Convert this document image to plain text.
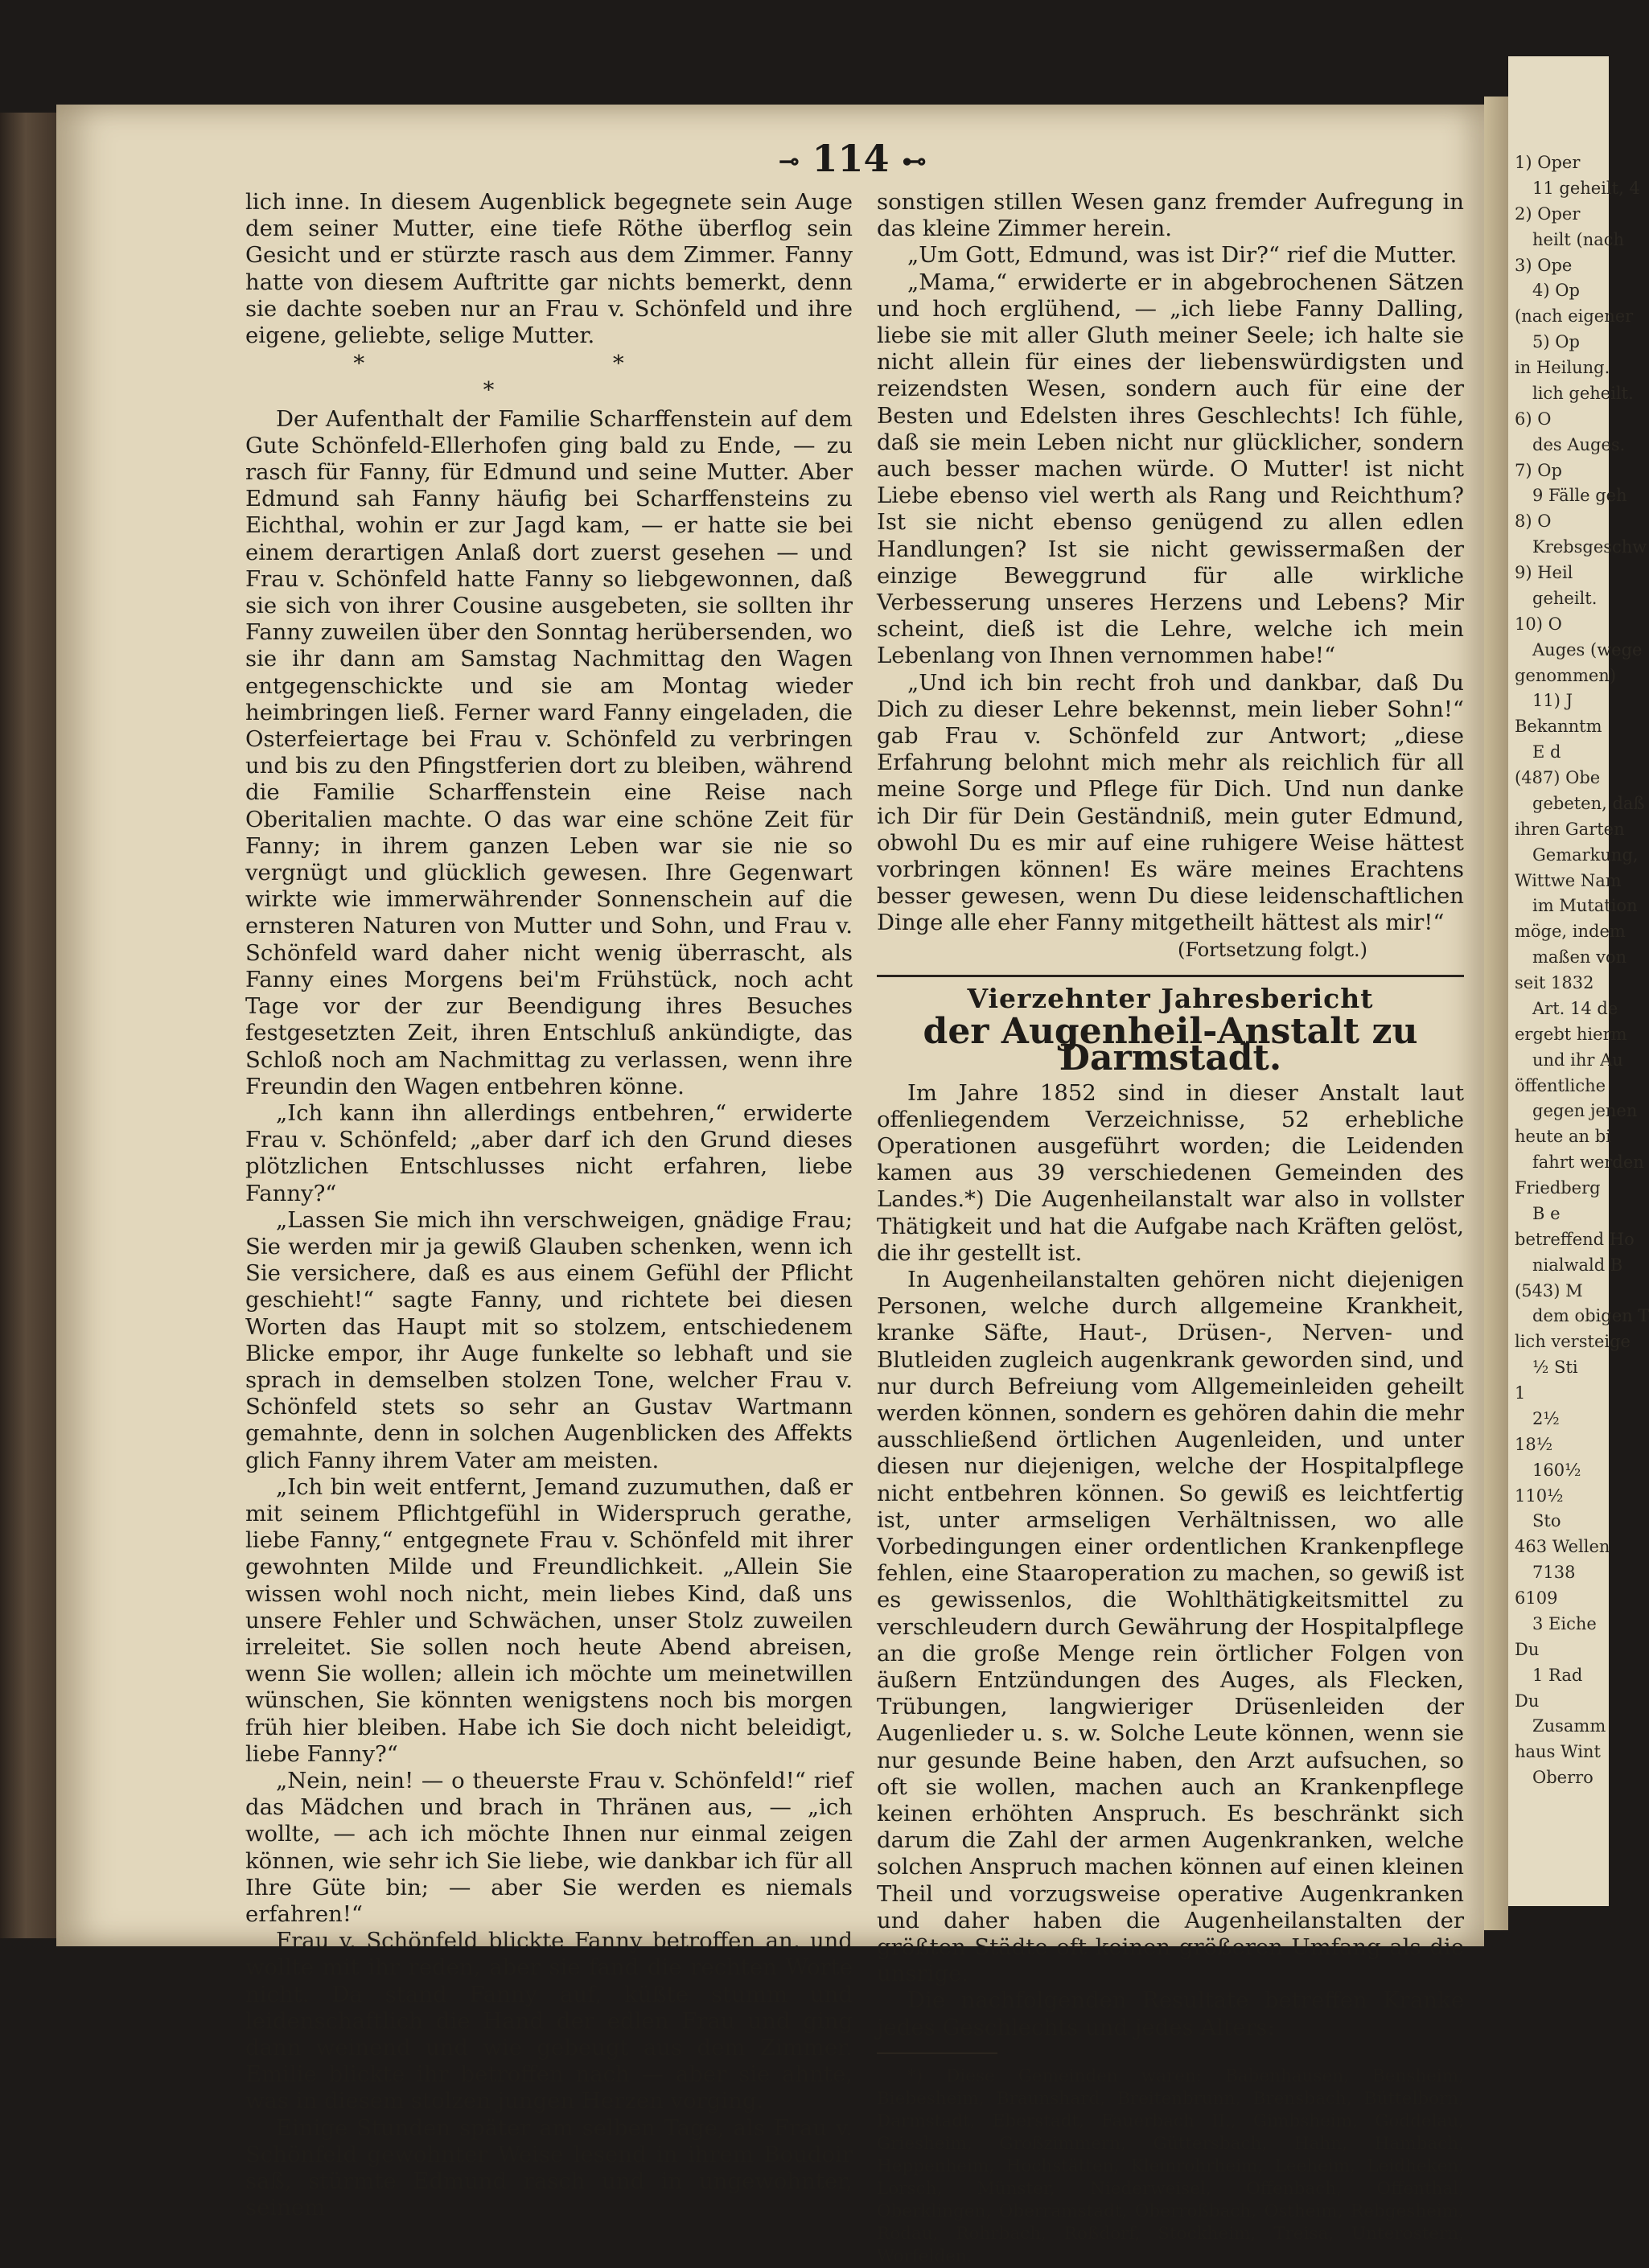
⊸ 114 ⊷

lich inne. In diesem Augenblick begegnete sein Auge dem seiner Mutter, eine tiefe Röthe überflog sein Gesicht und er stürzte rasch aus dem Zimmer. Fanny hatte von diesem Auftritte gar nichts bemerkt, denn sie dachte soeben nur an Frau v. Schönfeld und ihre eigene, geliebte, selige Mutter.

* * *

Der Aufenthalt der Familie Scharffenstein auf dem Gute Schönfeld-Ellerhofen ging bald zu Ende, — zu rasch für Fanny, für Edmund und seine Mutter. Aber Edmund sah Fanny häufig bei Scharffensteins zu Eichthal, wohin er zur Jagd kam, — er hatte sie bei einem derartigen Anlaß dort zuerst gesehen — und Frau v. Schönfeld hatte Fanny so liebgewonnen, daß sie sich von ihrer Cousine ausgebeten, sie sollten ihr Fanny zuweilen über den Sonntag herübersenden, wo sie ihr dann am Samstag Nachmittag den Wagen entgegenschickte und sie am Montag wieder heimbringen ließ. Ferner ward Fanny eingeladen, die Osterfeiertage bei Frau v. Schönfeld zu verbringen und bis zu den Pfingstferien dort zu bleiben, während die Familie Scharffenstein eine Reise nach Oberitalien machte. O das war eine schöne Zeit für Fanny; in ihrem ganzen Leben war sie nie so vergnügt und glücklich gewesen. Ihre Gegenwart wirkte wie immerwährender Sonnenschein auf die ernsteren Naturen von Mutter und Sohn, und Frau v. Schönfeld ward daher nicht wenig überrascht, als Fanny eines Morgens bei'm Frühstück, noch acht Tage vor der zur Beendigung ihres Besuches festgesetzten Zeit, ihren Entschluß ankündigte, das Schloß noch am Nachmittag zu verlassen, wenn ihre Freundin den Wagen entbehren könne.

„Ich kann ihn allerdings entbehren,“ erwiderte Frau v. Schönfeld; „aber darf ich den Grund dieses plötzlichen Entschlusses nicht erfahren, liebe Fanny?“

„Lassen Sie mich ihn verschweigen, gnädige Frau; Sie werden mir ja gewiß Glauben schenken, wenn ich Sie versichere, daß es aus einem Gefühl der Pflicht geschieht!“ sagte Fanny, und richtete bei diesen Worten das Haupt mit so stolzem, entschiedenem Blicke empor, ihr Auge funkelte so lebhaft und sie sprach in demselben stolzen Tone, welcher Frau v. Schönfeld stets so sehr an Gustav Wartmann gemahnte, denn in solchen Augenblicken des Affekts glich Fanny ihrem Vater am meisten.

„Ich bin weit entfernt, Jemand zuzumuthen, daß er mit seinem Pflichtgefühl in Widerspruch gerathe, liebe Fanny,“ entgegnete Frau v. Schönfeld mit ihrer gewohnten Milde und Freundlichkeit. „Allein Sie wissen wohl noch nicht, mein liebes Kind, daß uns unsere Fehler und Schwächen, unser Stolz zuweilen irreleitet. Sie sollen noch heute Abend abreisen, wenn Sie wollen; allein ich möchte um meinetwillen wünschen, Sie könnten wenigstens noch bis morgen früh hier bleiben. Habe ich Sie doch nicht beleidigt, liebe Fanny?“

„Nein, nein! — o theuerste Frau v. Schönfeld!“ rief das Mädchen und brach in Thränen aus, — „ich wollte, — ach ich möchte Ihnen nur einmal zeigen können, wie sehr ich Sie liebe, wie dankbar ich für all Ihre Güte bin; — aber Sie werden es niemals erfahren!“

Frau v. Schönfeld blickte Fanny betroffen an, und wollte mit ihr reden, aber sie fand die rechten Worte nicht. Da stand Fanny auf, küßte stumm und leidenschaftlich die Hand der edlen Frau und ging dann weinend und wie gebeugt aus dem Zimmer. Emilie blickte ihr betroffen nach — aber sie ahnte, was in diesem stolzen jungen Herzen vorging.

Einige Stunden später am selben Tage, als Frau v. Schönfeld gewohnter Weise lesend in ihrem Boudoir saß, stürmte Edmund rasch und in ungewohnter, seinem

sonstigen stillen Wesen ganz fremder Aufregung in das kleine Zimmer herein.

„Um Gott, Edmund, was ist Dir?“ rief die Mutter.

„Mama,“ erwiderte er in abgebrochenen Sätzen und hoch erglühend, — „ich liebe Fanny Dalling, liebe sie mit aller Gluth meiner Seele; ich halte sie nicht allein für eines der liebenswürdigsten und reizendsten Wesen, sondern auch für eine der Besten und Edelsten ihres Geschlechts! Ich fühle, daß sie mein Leben nicht nur glücklicher, sondern auch besser machen würde. O Mutter! ist nicht Liebe ebenso viel werth als Rang und Reichthum? Ist sie nicht ebenso genügend zu allen edlen Handlungen? Ist sie nicht gewissermaßen der einzige Beweggrund für alle wirkliche Verbesserung unseres Herzens und Lebens? Mir scheint, dieß ist die Lehre, welche ich mein Lebenlang von Ihnen vernommen habe!“

„Und ich bin recht froh und dankbar, daß Du Dich zu dieser Lehre bekennst, mein lieber Sohn!“ gab Frau v. Schönfeld zur Antwort; „diese Erfahrung belohnt mich mehr als reichlich für all meine Sorge und Pflege für Dich. Und nun danke ich Dir für Dein Geständniß, mein guter Edmund, obwohl Du es mir auf eine ruhigere Weise hättest vorbringen können! Es wäre meines Erachtens besser gewesen, wenn Du diese leidenschaftlichen Dinge alle eher Fanny mitgetheilt hättest als mir!“

(Fortsetzung folgt.)
Vierzehnter Jahresbericht
der Augenheil-Anstalt zu Darmstadt.

Im Jahre 1852 sind in dieser Anstalt laut offenliegendem Verzeichnisse, 52 erhebliche Operationen ausgeführt worden; die Leidenden kamen aus 39 verschiedenen Gemeinden des Landes.*) Die Augenheilanstalt war also in vollster Thätigkeit und hat die Aufgabe nach Kräften gelöst, die ihr gestellt ist.

In Augenheilanstalten gehören nicht diejenigen Personen, welche durch allgemeine Krankheit, kranke Säfte, Haut-, Drüsen-, Nerven- und Blutleiden zugleich augenkrank geworden sind, und nur durch Befreiung vom Allgemeinleiden geheilt werden können, sondern es gehören dahin die mehr ausschließend örtlichen Augenleiden, und unter diesen nur diejenigen, welche der Hospitalpflege nicht entbehren können. So gewiß es leichtfertig ist, unter armseligen Verhältnissen, wo alle Vorbedingungen einer ordentlichen Krankenpflege fehlen, eine Staaroperation zu machen, so gewiß ist es gewissenlos, die Wohlthätigkeitsmittel zu verschleudern durch Gewährung der Hospitalpflege an die große Menge rein örtlicher Folgen von äußern Entzündungen des Auges, als Flecken, Trübungen, langwieriger Drüsenleiden der Augenlieder u. s. w. Solche Leute können, wenn sie nur gesunde Beine haben, den Arzt aufsuchen, so oft sie wollen, machen auch an Krankenpflege keinen erhöhten Anspruch. Es beschränkt sich darum die Zahl der armen Augenkranken, welche solchen Anspruch machen können auf einen kleinen Theil und vorzugsweise operative Augenkranken und daher haben die Augenheilanstalten der größten Städte oft keinen größeren Umfang als die unsrige.

Die nachfolgenden Resultate betreffen Kranke jedes Geschlechts und jedes Alters:

*) Diese Gemeinden waren: Babenhausen, Bensheim, Biebesheim, Braunshard, Breitenbrunn, Brensbach, Büttelborn, Darmstadt, Eberstadt, Fauerbach II., Gimbsheim, Goddelau, Griesheim, Großzimmern, Güttersbach, Hahn, Hambach, Heppenheim, Hochstätten, Kleinrohrheim, Leeheim, Leidheken, Lorsch, Münster, Niederweisel, Offenbach, Offenthal, Oberklingen, Oberramstadt, Oberroßbach, Ostheim, Rebgesheim, Rodau, Rohrbach, Roßdorf, Stockheim, Treisa, Unterostern, Worfelden.

1) Oper
11 geheilt, 4
2) Oper
heilt (nach
3) Ope
4) Op
(nach eigener
5) Op
in Heilung.
lich geheilt.
6) O
des Auges.
7) Op
9 Fälle geh
8) O
Krebsgeschw
9) Heil
geheilt.
10) O
Auges (wege
genommen)
11) J
Bekanntm
E d
(487) Obe
gebeten, daß
ihren Garten
Gemarkung,
Wittwe Nam
im Mutation
möge, indem
maßen von
seit 1832
Art. 14 de
ergebt hierm
und ihr Au
öffentliche
gegen jenen
heute an bi
fahrt werden
Friedberg
B e
betreffend Ho
nialwald B
(543) M
dem obigen T
lich versteige
½ Sti
1
2½
18½
160½
110½
Sto
463 Wellen
7138
6109
3 Eiche
Du
1 Rad
Du
Zusamm
haus Wint
Oberro
